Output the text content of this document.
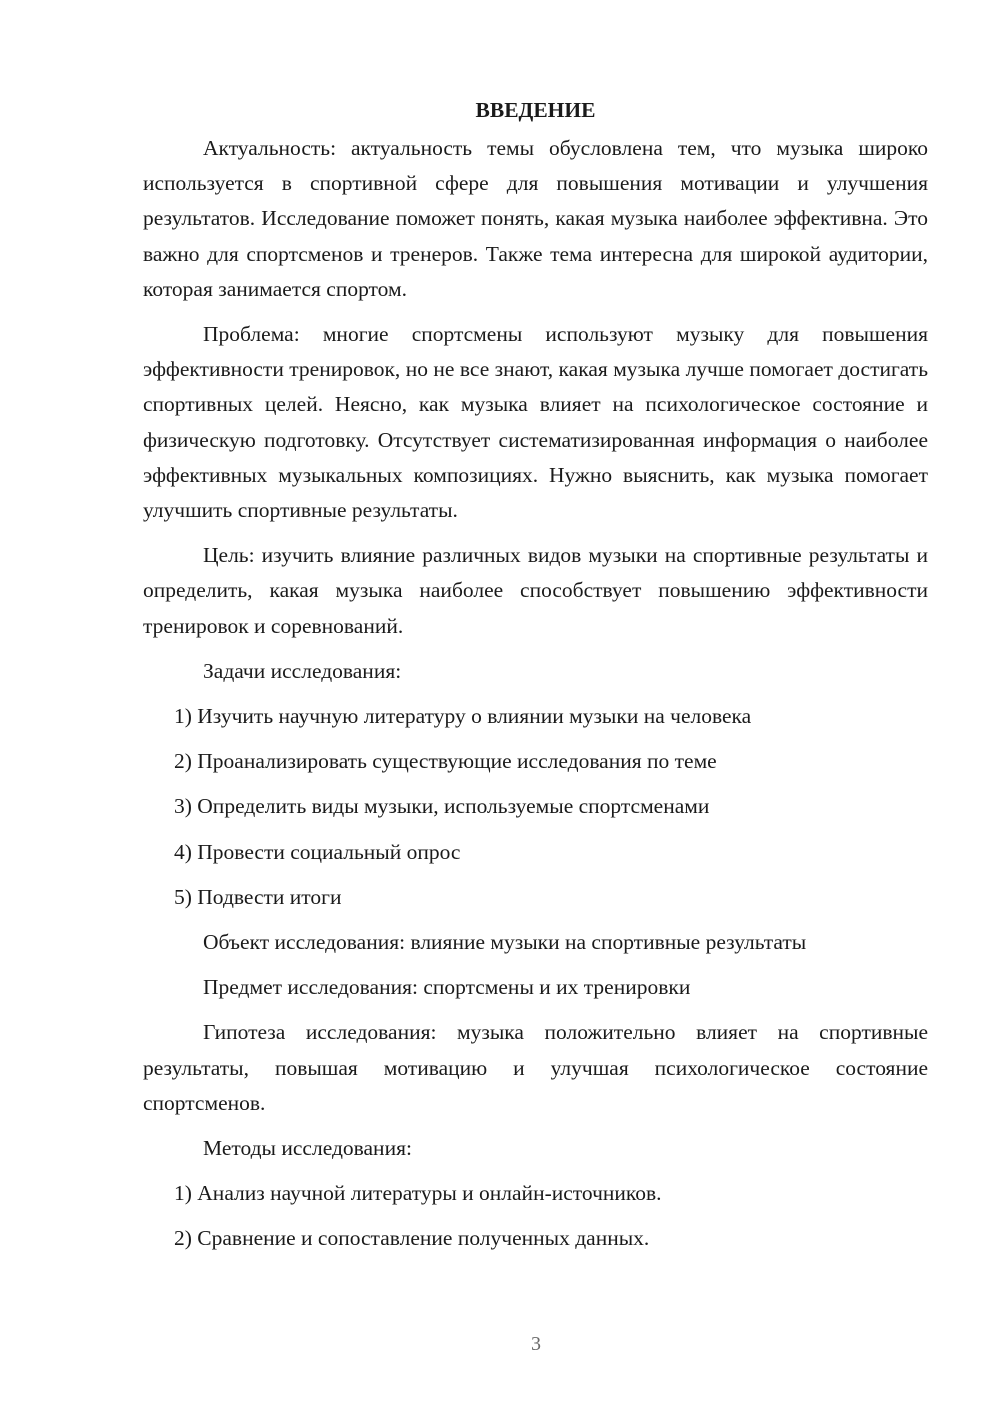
ВВЕДЕНИЕ

Актуальность: актуальность темы обусловлена тем, что музыка широко используется в спортивной сфере для повышения мотивации и улучшения результатов. Исследование поможет понять, какая музыка наиболее эффективна. Это важно для спортсменов и тренеров. Также тема интересна для широкой аудитории, которая занимается спортом.

Проблема: многие спортсмены используют музыку для повышения эффективности тренировок, но не все знают, какая музыка лучше помогает достигать спортивных целей. Неясно, как музыка влияет на психологическое состояние и физическую подготовку. Отсутствует систематизированная информация о наиболее эффективных музыкальных композициях. Нужно выяснить, как музыка помогает улучшить спортивные результаты.

Цель: изучить влияние различных видов музыки на спортивные результаты и определить, какая музыка наиболее способствует повышению эффективности тренировок и соревнований.

Задачи исследования:

1) Изучить научную литературу о влиянии музыки на человека

2) Проанализировать существующие исследования по теме

3) Определить виды музыки, используемые спортсменами

4) Провести социальный опрос

5) Подвести итоги

Объект исследования: влияние музыки на спортивные результаты

Предмет исследования: спортсмены и их тренировки

Гипотеза исследования: музыка положительно влияет на спортивные результаты, повышая мотивацию и улучшая психологическое состояние спортсменов.

Методы исследования:

1) Анализ научной литературы и онлайн-источников.

2) Сравнение и сопоставление полученных данных.

3
